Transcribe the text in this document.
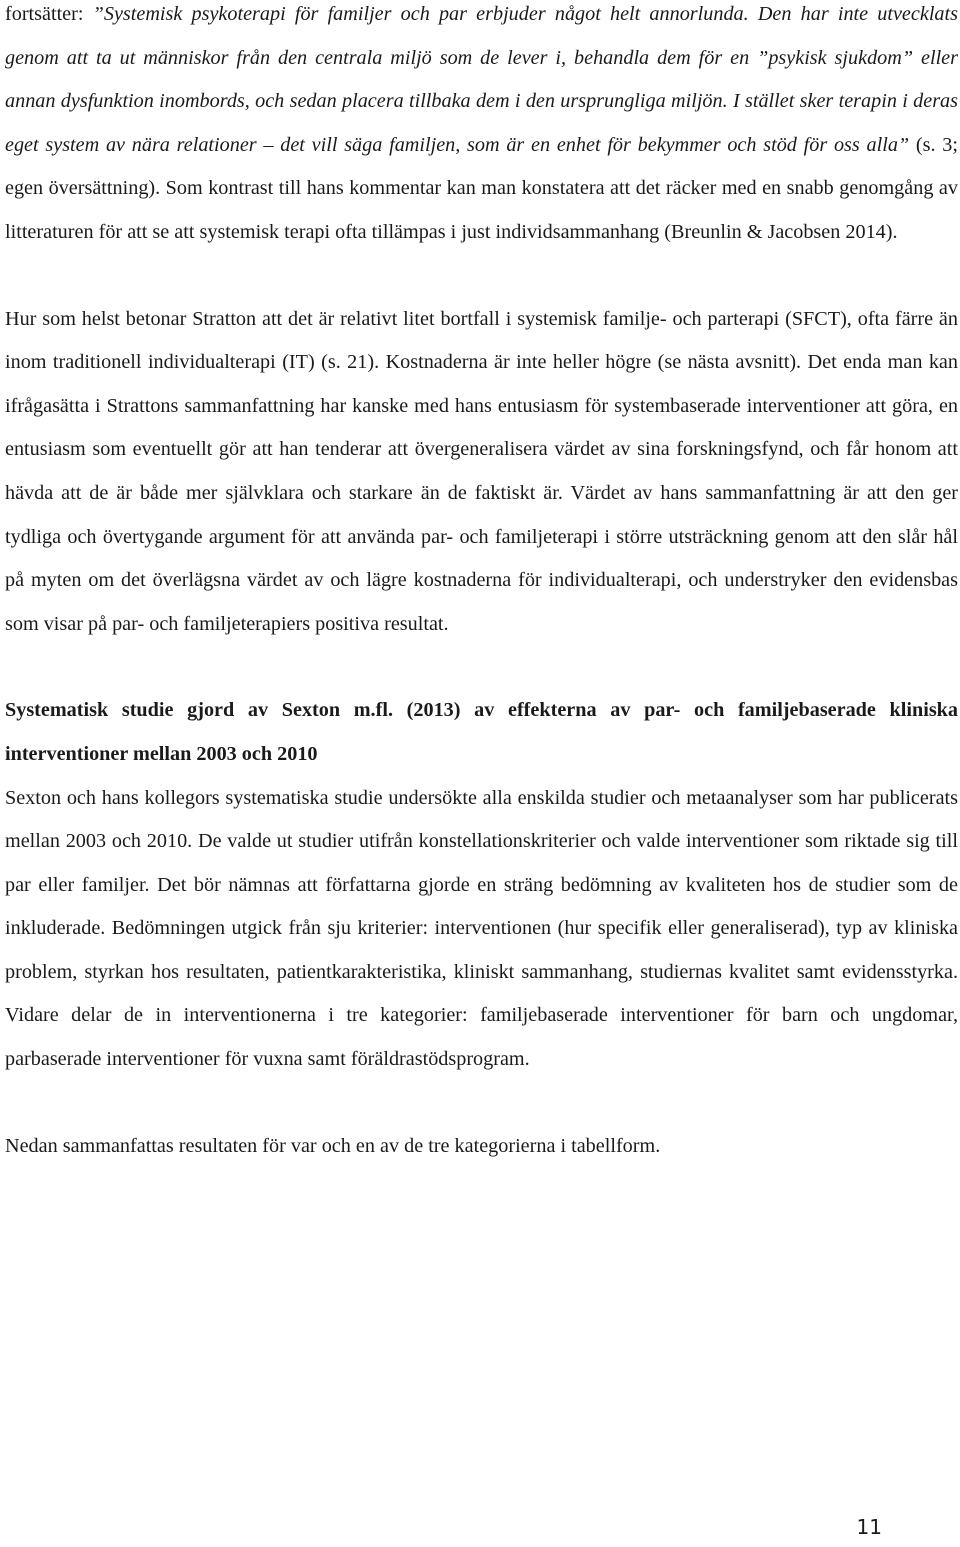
fortsätter: ”Systemisk psykoterapi för familjer och par erbjuder något helt annorlunda. Den har inte utvecklats genom att ta ut människor från den centrala miljö som de lever i, behandla dem för en ”psykisk sjukdom” eller annan dysfunktion inombords, och sedan placera tillbaka dem i den ursprungliga miljön. I stället sker terapin i deras eget system av nära relationer – det vill säga familjen, som är en enhet för bekymmer och stöd för oss alla” (s. 3; egen översättning). Som kontrast till hans kommentar kan man konstatera att det räcker med en snabb genomgång av litteraturen för att se att systemisk terapi ofta tillämpas i just individsammanhang (Breunlin & Jacobsen 2014).

Hur som helst betonar Stratton att det är relativt litet bortfall i systemisk familje- och parterapi (SFCT), ofta färre än inom traditionell individualterapi (IT) (s. 21). Kostnaderna är inte heller högre (se nästa avsnitt). Det enda man kan ifrågasätta i Strattons sammanfattning har kanske med hans entusiasm för systembaserade interventioner att göra, en entusiasm som eventuellt gör att han tenderar att övergeneralisera värdet av sina forskningsfynd, och får honom att hävda att de är både mer självklara och starkare än de faktiskt är. Värdet av hans sammanfattning är att den ger tydliga och övertygande argument för att använda par- och familjeterapi i större utsträckning genom att den slår hål på myten om det överlägsna värdet av och lägre kostnaderna för individualterapi, och understryker den evidensbas som visar på par- och familjeterapiers positiva resultat.

Systematisk studie gjord av Sexton m.fl. (2013) av effekterna av par- och familjebaserade kliniska interventioner mellan 2003 och 2010

Sexton och hans kollegors systematiska studie undersökte alla enskilda studier och metaanalyser som har publicerats mellan 2003 och 2010. De valde ut studier utifrån konstellationskriterier och valde interventioner som riktade sig till par eller familjer. Det bör nämnas att författarna gjorde en sträng bedömning av kvaliteten hos de studier som de inkluderade. Bedömningen utgick från sju kriterier: interventionen (hur specifik eller generaliserad), typ av kliniska problem, styrkan hos resultaten, patientkarakteristika, kliniskt sammanhang, studiernas kvalitet samt evidensstyrka. Vidare delar de in interventionerna i tre kategorier: familjebaserade interventioner för barn och ungdomar, parbaserade interventioner för vuxna samt föräldrastödsprogram.

Nedan sammanfattas resultaten för var och en av de tre kategorierna i tabellform.

11
